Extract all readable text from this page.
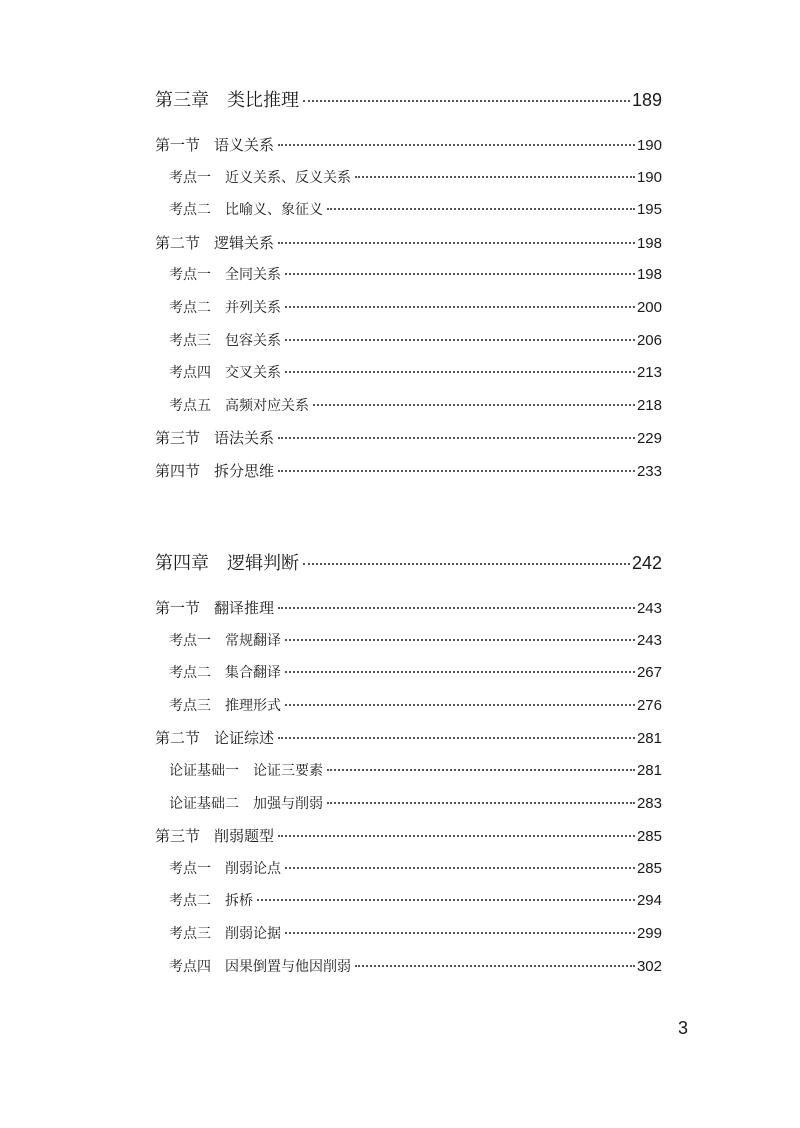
第三章 类比推理	189
第一节 语义关系	190
考点一 近义关系、反义关系	190
考点二 比喻义、象征义	195
第二节 逻辑关系	198
考点一 全同关系	198
考点二 并列关系	200
考点三 包容关系	206
考点四 交叉关系	213
考点五 高频对应关系	218
第三节 语法关系	229
第四节 拆分思维	233
第四章 逻辑判断	242
第一节 翻译推理	243
考点一 常规翻译	243
考点二 集合翻译	267
考点三 推理形式	276
第二节 论证综述	281
论证基础一 论证三要素	281
论证基础二 加强与削弱	283
第三节 削弱题型	285
考点一 削弱论点	285
考点二 拆桥	294
考点三 削弱论据	299
考点四 因果倒置与他因削弱	302
3
